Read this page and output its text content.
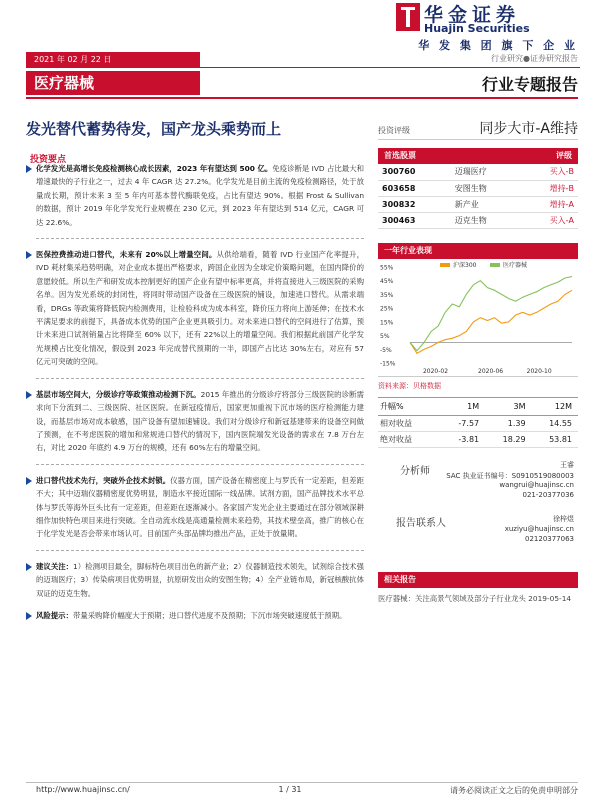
华金证券
Huajin Securities
华 发 集 团 旗 下 企 业
2021 年 02 月 22 日	行业研究●证券研究报告
医疗器械	行业专题报告
发光替代蓄势待发，国产龙头乘势而上
投资要点
化学发光是高增长免疫检测核心成长因素，2023 年有望达到 500 亿。免疫诊断是 IVD 占比最大和增速最快的子行业之一，过去 4 年 CAGR 达 27.2%。化学发光是目前主流的免疫检测路径，处于放量成长期，预计未来 3 至 5 年内可基本替代酶联免疫，占比有望达 90%。根据 Frost & Sullivan 的数据，预计 2019 年化学发光行业规模在 230 亿元，到 2023 年有望达到 514 亿元，CAGR 可达 22.6%。
医保控费推动进口替代，未来有 20%以上增量空间。从供给端看，随着 IVD 行业国产化率提升，IVD 耗材集采趋势明确，对企业成本提出严格要求，跨国企业因为全球定价策略问题，在国内降价的意愿较低。所以生产和研发成本控制更好的国产企业有望中标率更高，并将直接进入三级医院的采购名单。因为发光系统的封闭性，将同时带动国产设备在三级医院的铺设，加速进口替代。从需求端看，DRGs 等政策将降低院内检测费用，让检验科成为成本科室，降价压力将向上游延伸；在技术水平满足要求的前提下，具备成本优势的国产企业更具吸引力。对未来进口替代的空间进行了估算，预计未来进口试剂销量占比将降至 60% 以下，还有 22%以上的增量空间。我们根据此前国产化学发光规模占比变化情况，假设到 2023 年完成替代预期的一半，即国产占比达 30%左右，对应有 57 亿元可突破的空间。
基层市场空间大，分级诊疗等政策推动检测下沉。2015 年推出的分级诊疗将部分三级医院的诊断需求向下分流到二、三级医院、社区医院。在新冠疫情后，国家更加重视下沉市场的医疗检测能力建设，而基层市场对成本敏感，国产设备有望加速铺设。我们对分级诊疗和新冠基建带来的设备空间做了预测，在不考虑医院的增加和常规进口替代的情况下，国内医院端发光设备的需求在 7.8 万台左右，对比 2020 年底约 4.9 万台的规模，还有 60%左右的增量空间。
进口替代技术先行，突破外企技术封锁。仪器方面，国产设备在精密度上与罗氏有一定差距，但差距不大；其中迈瑞仪器精密度优势明显，制造水平接近国际一线品牌。试剂方面，国产品牌技术水平总体与罗氏等海外巨头比有一定差距，但差距在逐渐减小。各家国产发光企业主要通过在部分领域深耕细作加快特色项目来进行突破。全自动流水线是高通量检测未来趋势，其技术壁垒高，推广的核心在于化学发光是否会带来市场认可。目前国产头部品牌均推出产品，正处于放量期。
建议关注：1）检测项目最全，脚标特色项目出色的新产业；2）仪器制造技术领先，试剂综合技术强的迈瑞医疗；3）传染病项目优势明显，抗原研发出众的安图生物；4）全产业链布局，新冠核酸抗体双证的迈克生物。
风险提示：带量采购降价幅度大于预期；进口替代进度不及预期；下沉市场突破速度低于预期。
投资评级	同步大市-A维持
首选股票	评级
300760	迈瑞医疗	买入-B
603658	安图生物	增持-B
300832	新产业	增持-A
300463	迈克生物	买入-A
一年行业表现
55%
45%
35%
25%
15%
5%
-5%
-15%
2020-02	2020-06	2020-10
沪深300	医疗器械
资料来源：贝格数据
升幅%	1M	3M	12M
相对收益	-7.57	1.39	14.55
绝对收益	-3.81	18.29	53.81
分析师
王睿
SAC 执业证书编号：S0910519080003
wangrui@huajinsc.cn
021-20377036
报告联系人	徐梓煜
xuziyu@huajinsc.cn
02120377063
相关报告
医疗器械：关注高景气领域及部分子行业龙头 2019-05-14
http://www.huajinsc.cn/	1 / 31	请务必阅读正文之后的免责申明部分
